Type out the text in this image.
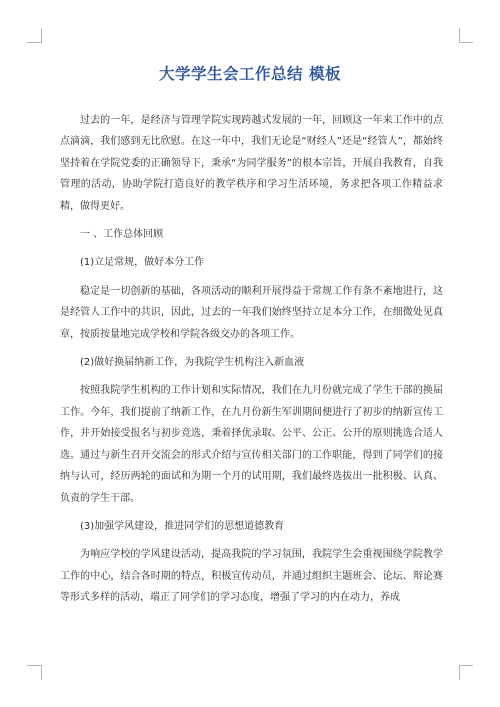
大学学生会工作总结 模板

过去的一年，是经济与管理学院实现跨越式发展的一年，回顾这一年来工作中的点点滴滴，我们感到无比欣慰。在这一年中，我们无论是“财经人”还是“经管人”，都始终坚持着在学院党委的正确领导下，秉承“为同学服务”的根本宗旨，开展自我教育，自我管理的活动，协助学院打造良好的教学秩序和学习生活环境，务求把各项工作精益求精，做得更好。

一 、工作总体回顾

(1)立足常规，做好本分工作

稳定是一切创新的基础，各项活动的顺利开展得益于常规工作有条不紊地进行，这是经管人工作中的共识，因此，过去的一年我们始终坚持立足本分工作，在细微处见真章，按质按量地完成学校和学院各级交办的各项工作。

(2)做好换届纳新工作，为我院学生机构注入新血液

按照我院学生机构的工作计划和实际情况，我们在九月份就完成了学生干部的换届工作。今年，我们提前了纳新工作，在九月份新生军训期间便进行了初步的纳新宣传工作，并开始接受报名与初步竞选，秉着择优录取、公平、公正、公开的原则挑选合适人选。通过与新生召开交流会的形式介绍与宣传相关部门的工作职能，得到了同学们的接纳与认可，经历两轮的面试和为期一个月的试用期，我们最终选拔出一批积极、认真、负责的学生干部。

(3)加强学风建设，推进同学们的思想道德教育

为响应学校的学风建设活动，提高我院的学习氛围，我院学生会重视围绕学院教学工作的中心，结合各时期的特点，积极宣传动员，并通过组织主题班会、论坛、辩论赛等形式多样的活动，端正了同学们的学习态度，增强了学习的内在动力，养成
